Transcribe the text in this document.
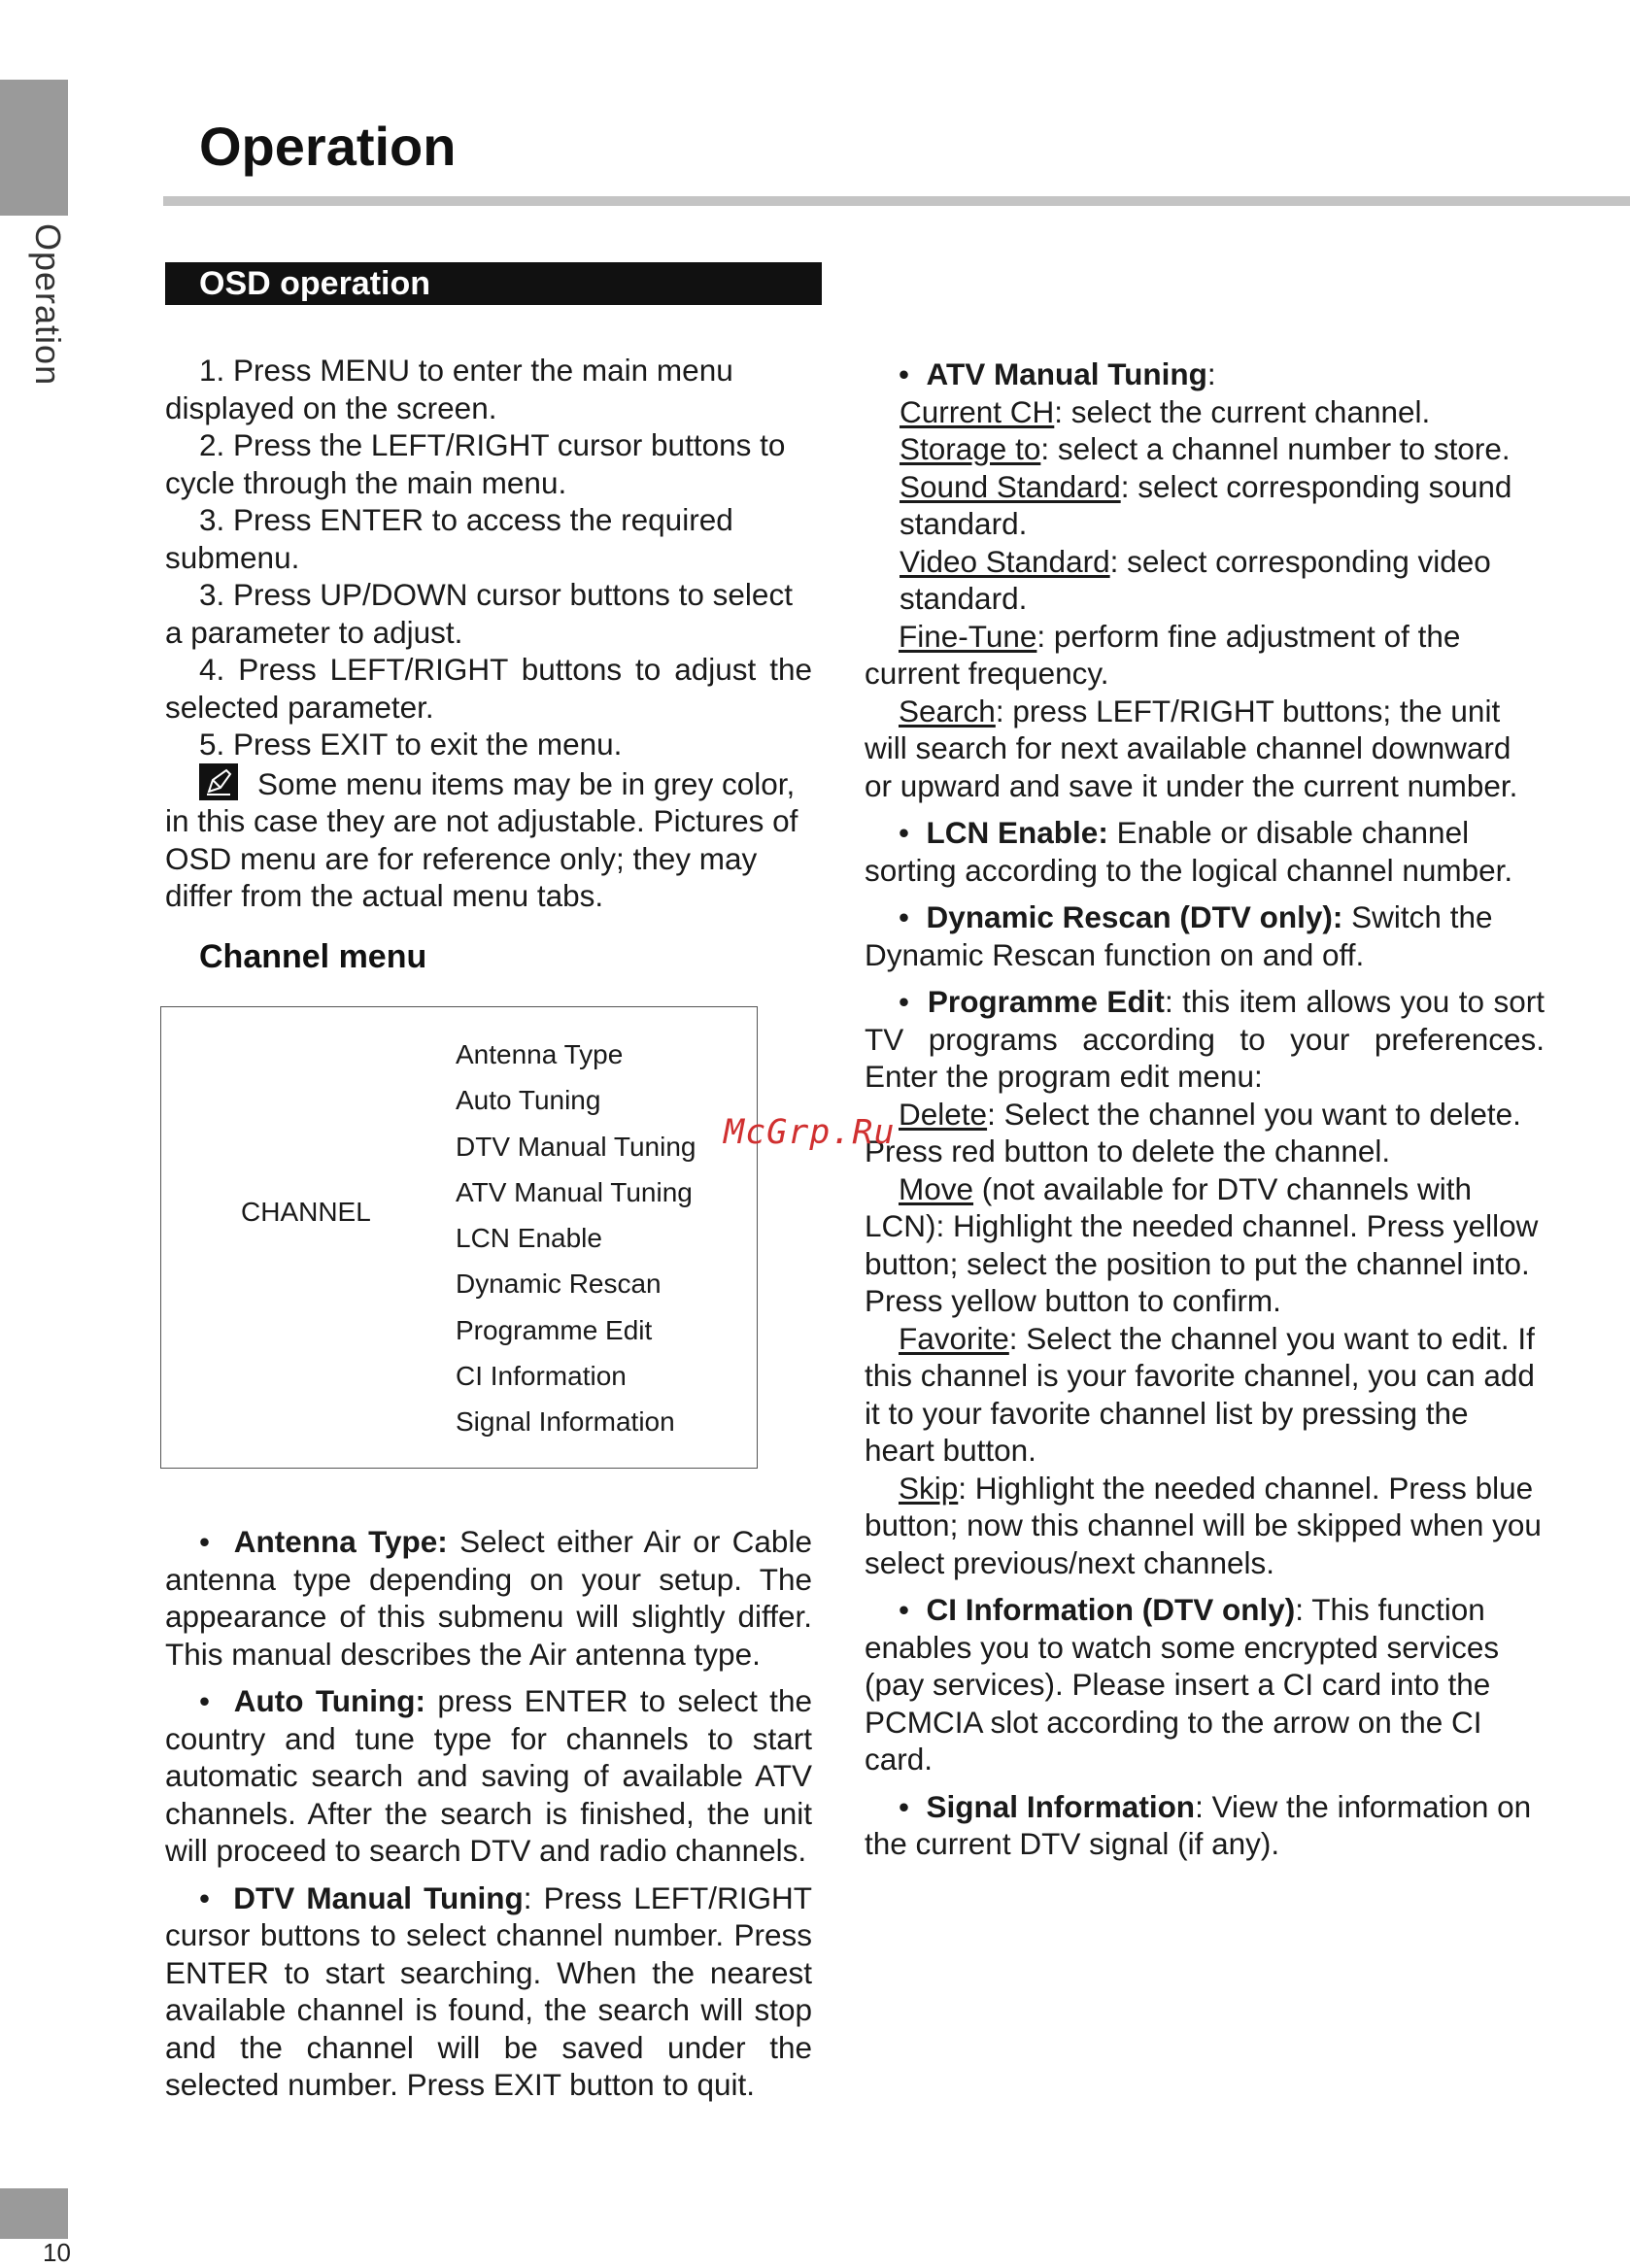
Operation
10
Operation
OSD operation

1. Press MENU to enter the main menu displayed on the screen.

2. Press the LEFT/RIGHT cursor buttons to cycle through the main menu.

3. Press ENTER to access the required submenu.

3. Press UP/DOWN cursor buttons to select a parameter to adjust.

4. Press LEFT/RIGHT buttons to adjust the selected parameter.

5. Press EXIT to exit the menu.

Some menu items may be in grey color, in this case they are not adjustable. Pictures of OSD menu are for reference only; they may differ from the actual menu tabs.

Channel menu
CHANNEL
Antenna Type
Auto Tuning
DTV Manual Tuning
ATV Manual Tuning
LCN Enable
Dynamic Rescan
Programme Edit
CI Information
Signal Information

•  Antenna Type: Select either Air or Cable antenna type depending on your setup. The appearance of this submenu will slightly differ. This manual describes the Air antenna type.

•  Auto Tuning: press ENTER to select the country and tune type for channels to start automatic search and saving of available ATV channels. After the search is finished, the unit will proceed to search DTV and radio channels.

•  DTV Manual Tuning: Press LEFT/RIGHT cursor buttons to select channel number. Press ENTER to start searching. When the nearest available channel is found, the search will stop and the channel will be saved under the selected number. Press EXIT button to quit.

•  ATV Manual Tuning:

Current CH: select the current channel.

Storage to: select a channel number to store.

Sound Standard: select corresponding sound standard.

Video Standard: select corresponding video standard.

Fine-Tune: perform fine adjustment of the current frequency.

Search: press LEFT/RIGHT buttons; the unit will search for next available channel downward or upward and save it under the current number.

•  LCN Enable: Enable or disable channel sorting according to the logical channel number.

•  Dynamic Rescan (DTV only): Switch the Dynamic Rescan function on and off.

•  Programme Edit: this item allows you to sort TV programs according to your preferences. Enter the program edit menu:

Delete: Select the channel you want to delete. Press red button to delete the channel.

Move (not available for DTV channels with LCN): Highlight the needed channel. Press yellow button; select the position to put the channel into. Press yellow button to confirm.

Favorite: Select the channel you want to edit. If this channel is your favorite channel, you can add it to your favorite channel list by pressing the heart button.

Skip: Highlight the needed channel. Press blue button; now this channel will be skipped when you select previous/next channels.

•  CI Information (DTV only): This function enables you to watch some encrypted services (pay services). Please insert a CI card into the PCMCIA slot according to the arrow on the CI card.

•  Signal Information: View the information on the current DTV signal (if any).

McGrp.Ru
